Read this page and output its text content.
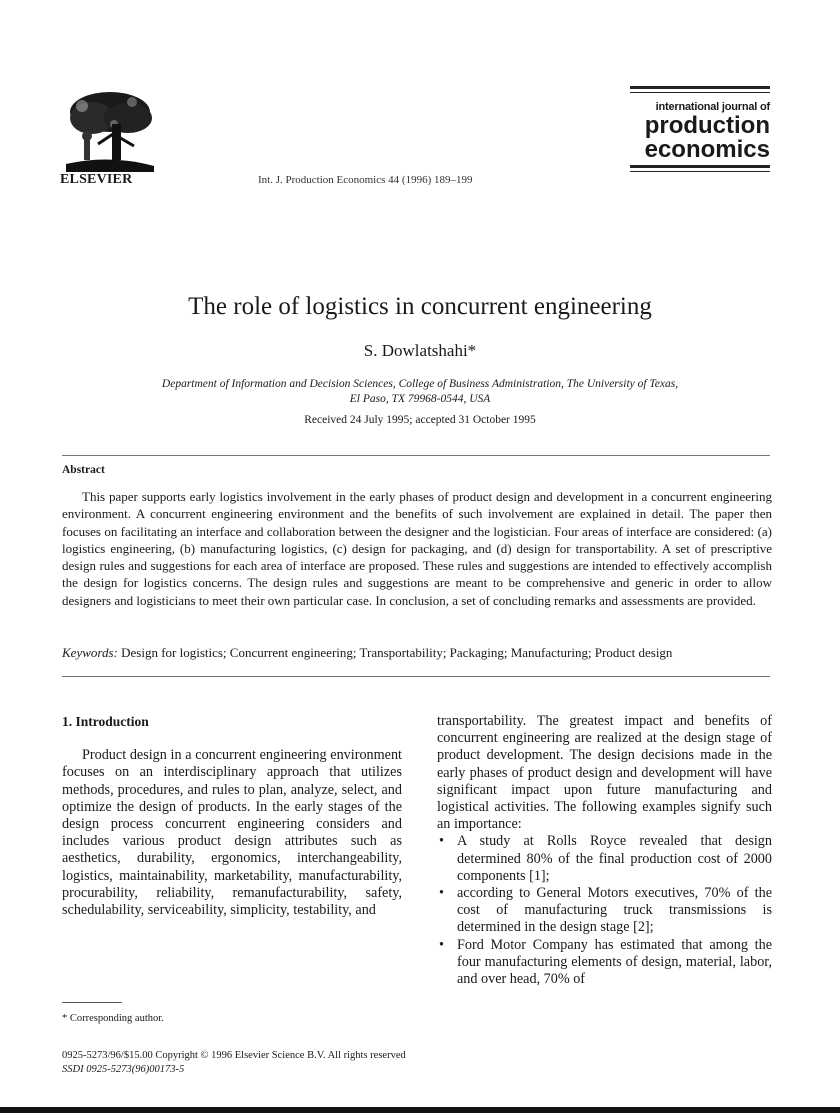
ELSEVIER	Int. J. Production Economics 44 (1996) 189–199
international journal of
production
economics
The role of logistics in concurrent engineering
S. Dowlatshahi*
Department of Information and Decision Sciences, College of Business Administration, The University of Texas,
El Paso, TX 79968-0544, USA
Received 24 July 1995; accepted 31 October 1995
Abstract

This paper supports early logistics involvement in the early phases of product design and development in a concurrent engineering environment. A concurrent engineering environment and the benefits of such involvement are explained in detail. The paper then focuses on facilitating an interface and collaboration between the designer and the logistician. Four areas of interface are considered: (a) logistics engineering, (b) manufacturing logistics, (c) design for packaging, and (d) design for transportability. A set of prescriptive design rules and suggestions for each area of interface are proposed. These rules and suggestions are intended to effectively accomplish the design for logistics concerns. The design rules and suggestions are meant to be comprehensive and generic in order to allow designers and logisticians to meet their own particular case. In conclusion, a set of concluding remarks and assessments are provided.

Keywords: Design for logistics; Concurrent engineering; Transportability; Packaging; Manufacturing; Product design
1. Introduction

Product design in a concurrent engineering environment focuses on an interdisciplinary approach that utilizes methods, procedures, and rules to plan, analyze, select, and optimize the design of products. In the early stages of the design process concurrent engineering considers and includes various product design attributes such as aesthetics, durability, ergonomics, interchangeability, logistics, maintainability, marketability, manufacturability, procurability, reliability, remanufacturability, safety, schedulability, serviceability, simplicity, testability, and

transportability. The greatest impact and benefits of concurrent engineering are realized at the design stage of product development. The design decisions made in the early phases of product design and development will have significant impact upon future manufacturing and logistical activities. The following examples signify such an importance:

• A study at Rolls Royce revealed that design determined 80% of the final production cost of 2000 components [1];
• according to General Motors executives, 70% of the cost of manufacturing truck transmissions is determined in the design stage [2];
• Ford Motor Company has estimated that among the four manufacturing elements of design, material, labor, and over head, 70% of
* Corresponding author.
0925-5273/96/$15.00 Copyright © 1996 Elsevier Science B.V. All rights reserved
SSDI 0925-5273(96)00173-5
